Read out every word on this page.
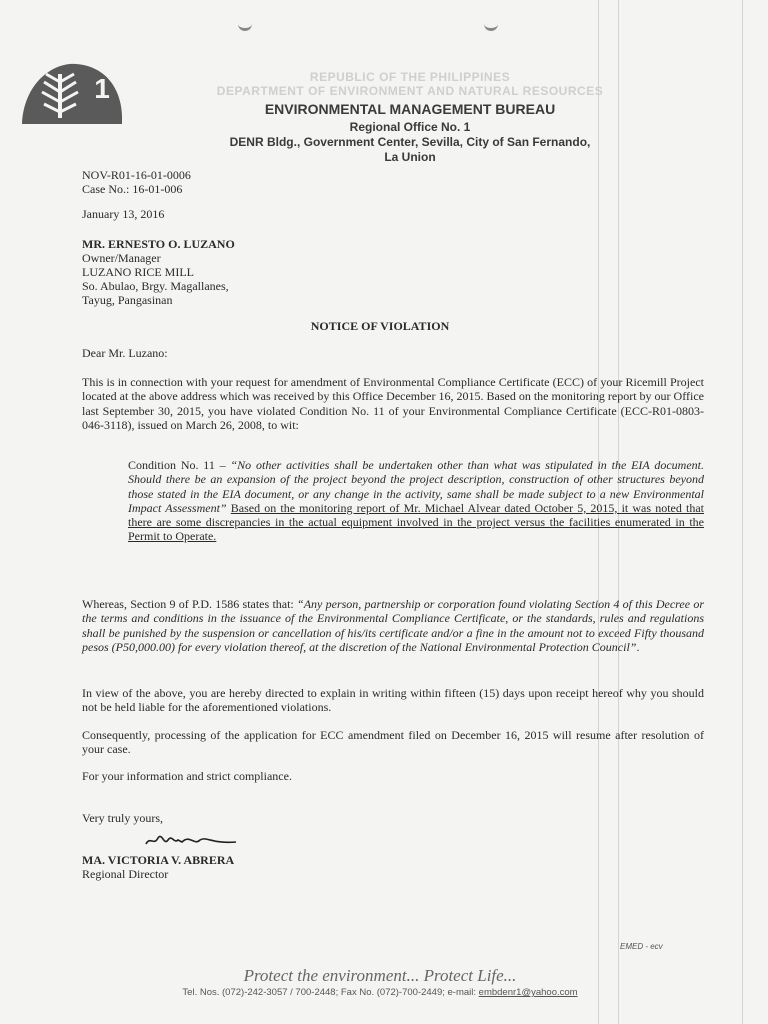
1	REPUBLIC OF THE PHILIPPINES
DEPARTMENT OF ENVIRONMENT AND NATURAL RESOURCES
ENVIRONMENTAL MANAGEMENT BUREAU
Regional Office No. 1
DENR Bldg., Government Center, Sevilla, City of San Fernando,
La Union
NOV-R01-16-01-0006
Case No.: 16-01-006
January 13, 2016
MR. ERNESTO O. LUZANO
Owner/Manager
LUZANO RICE MILL
So. Abulao, Brgy. Magallanes,
Tayug, Pangasinan
NOTICE OF VIOLATION
Dear Mr. Luzano:
This is in connection with your request for amendment of Environmental Compliance Certificate (ECC) of your Ricemill Project located at the above address which was received by this Office December 16, 2015. Based on the monitoring report by our Office last September 30, 2015, you have violated Condition No. 11 of your Environmental Compliance Certificate (ECC-R01-0803-046-3118), issued on March 26, 2008, to wit:
Condition No. 11 – “No other activities shall be undertaken other than what was stipulated in the EIA document. Should there be an expansion of the project beyond the project description, construction of other structures beyond those stated in the EIA document, or any change in the activity, same shall be made subject to a new Environmental Impact Assessment” Based on the monitoring report of Mr. Michael Alvear dated October 5, 2015, it was noted that there are some discrepancies in the actual equipment involved in the project versus the facilities enumerated in the Permit to Operate.
Whereas, Section 9 of P.D. 1586 states that: “Any person, partnership or corporation found violating Section 4 of this Decree or the terms and conditions in the issuance of the Environmental Compliance Certificate, or the standards, rules and regulations shall be punished by the suspension or cancellation of his/its certificate and/or a fine in the amount not to exceed Fifty thousand pesos (P50,000.00) for every violation thereof, at the discretion of the National Environmental Protection Council”.
In view of the above, you are hereby directed to explain in writing within fifteen (15) days upon receipt hereof why you should not be held liable for the aforementioned violations.
Consequently, processing of the application for ECC amendment filed on December 16, 2015 will resume after resolution of your case.
For your information and strict compliance.
Very truly yours,
MA. VICTORIA V. ABRERA
Regional Director
EMED - ecv
Protect the environment... Protect Life...
Tel. Nos. (072)-242-3057 / 700-2448; Fax No. (072)-700-2449; e-mail: embdenr1@yahoo.com
